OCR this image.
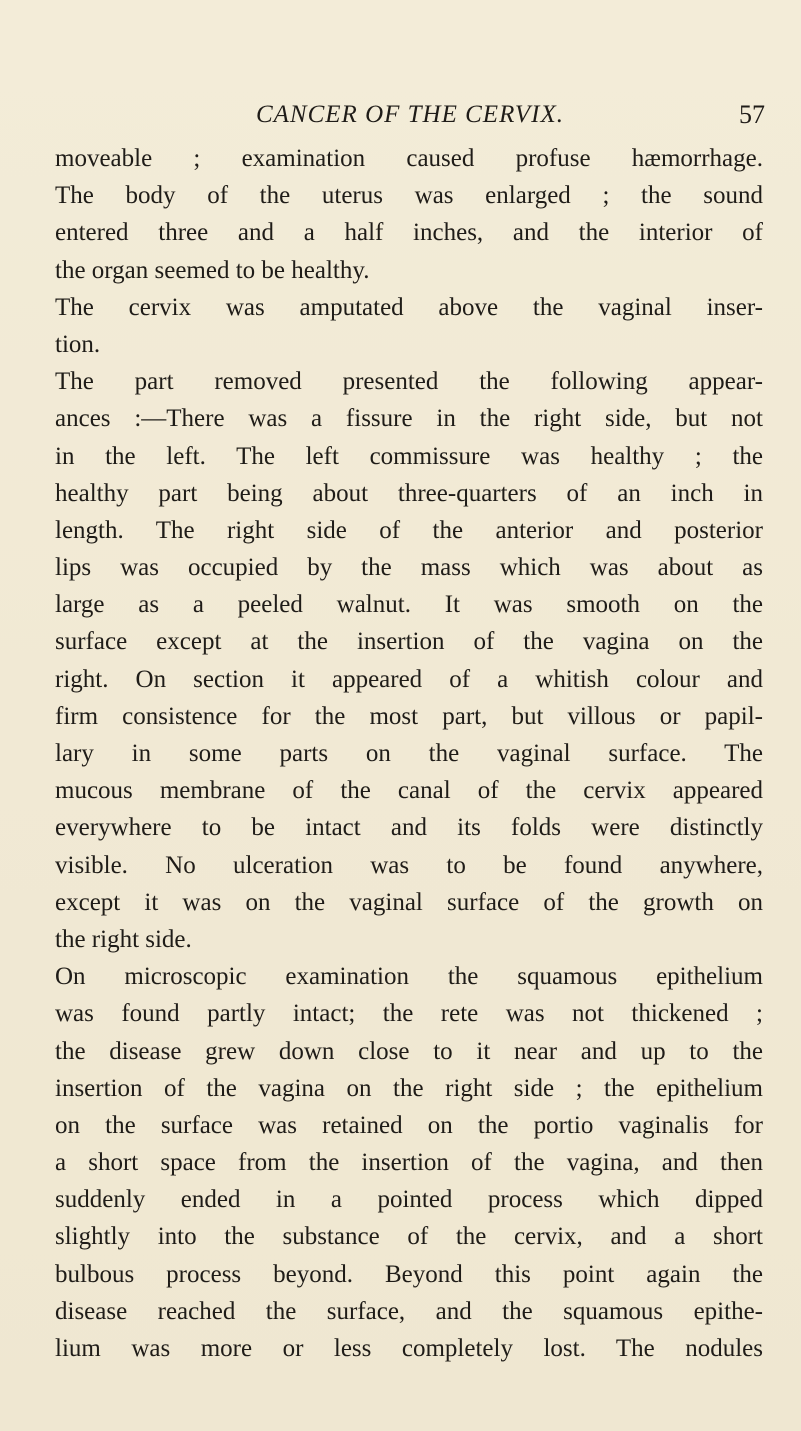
CANCER OF THE CERVIX.	57
moveable ; examination caused profuse hæmorrhage.
The body of the uterus was enlarged ; the sound
entered three and a half inches, and the interior of
the organ seemed to be healthy.
The cervix was amputated above the vaginal inser-
tion.
The part removed presented the following appear-
ances :—There was a fissure in the right side, but not
in the left. The left commissure was healthy ; the
healthy part being about three-quarters of an inch in
length. The right side of the anterior and posterior
lips was occupied by the mass which was about as
large as a peeled walnut. It was smooth on the
surface except at the insertion of the vagina on the
right. On section it appeared of a whitish colour and
firm consistence for the most part, but villous or papil-
lary in some parts on the vaginal surface. The
mucous membrane of the canal of the cervix appeared
everywhere to be intact and its folds were distinctly
visible. No ulceration was to be found anywhere,
except it was on the vaginal surface of the growth on
the right side.
On microscopic examination the squamous epithelium
was found partly intact; the rete was not thickened ;
the disease grew down close to it near and up to the
insertion of the vagina on the right side ; the epithelium
on the surface was retained on the portio vaginalis for
a short space from the insertion of the vagina, and then
suddenly ended in a pointed process which dipped
slightly into the substance of the cervix, and a short
bulbous process beyond. Beyond this point again the
disease reached the surface, and the squamous epithe-
lium was more or less completely lost. The nodules
